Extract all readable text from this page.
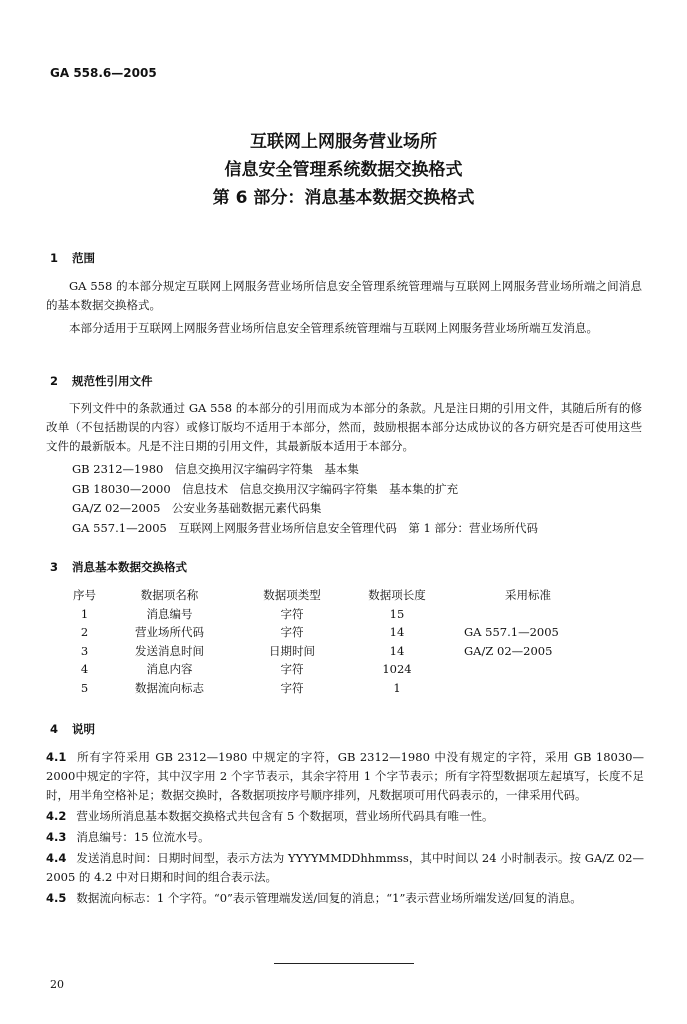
GA 558.6—2005
互联网上网服务营业场所
信息安全管理系统数据交换格式
第 6 部分：消息基本数据交换格式
1 范围
GA 558 的本部分规定互联网上网服务营业场所信息安全管理系统管理端与互联网上网服务营业场所端之间消息的基本数据交换格式。
本部分适用于互联网上网服务营业场所信息安全管理系统管理端与互联网上网服务营业场所端互发消息。
2 规范性引用文件
下列文件中的条款通过 GA 558 的本部分的引用而成为本部分的条款。凡是注日期的引用文件，其随后所有的修改单（不包括勘误的内容）或修订版均不适用于本部分，然而，鼓励根据本部分达成协议的各方研究是否可使用这些文件的最新版本。凡是不注日期的引用文件，其最新版本适用于本部分。
GB 2312—1980　信息交换用汉字编码字符集　基本集
GB 18030—2000　信息技术　信息交换用汉字编码字符集　基本集的扩充
GA/Z 02—2005　公安业务基础数据元素代码集
GA 557.1—2005　互联网上网服务营业场所信息安全管理代码　第 1 部分：营业场所代码
3 消息基本数据交换格式
序号	数据项名称	数据项类型	数据项长度	采用标准
1	消息编号	字符	15	
2	营业场所代码	字符	14	GA 557.1—2005
3	发送消息时间	日期时间	14	GA/Z 02—2005
4	消息内容	字符	1024	
5	数据流向标志	字符	1	
4 说明
4.1 所有字符采用 GB 2312—1980 中规定的字符，GB 2312—1980 中没有规定的字符，采用 GB 18030—2000中规定的字符，其中汉字用 2 个字节表示，其余字符用 1 个字节表示；所有字符型数据项左起填写，长度不足时，用半角空格补足；数据交换时，各数据项按序号顺序排列，凡数据项可用代码表示的，一律采用代码。
4.2 营业场所消息基本数据交换格式共包含有 5 个数据项，营业场所代码具有唯一性。
4.3 消息编号：15 位流水号。
4.4 发送消息时间：日期时间型，表示方法为 YYYYMMDDhhmmss，其中时间以 24 小时制表示。按 GA/Z 02—2005 的 4.2 中对日期和时间的组合表示法。
4.5 数据流向标志：1 个字符。“0”表示管理端发送/回复的消息；“1”表示营业场所端发送/回复的消息。
20
